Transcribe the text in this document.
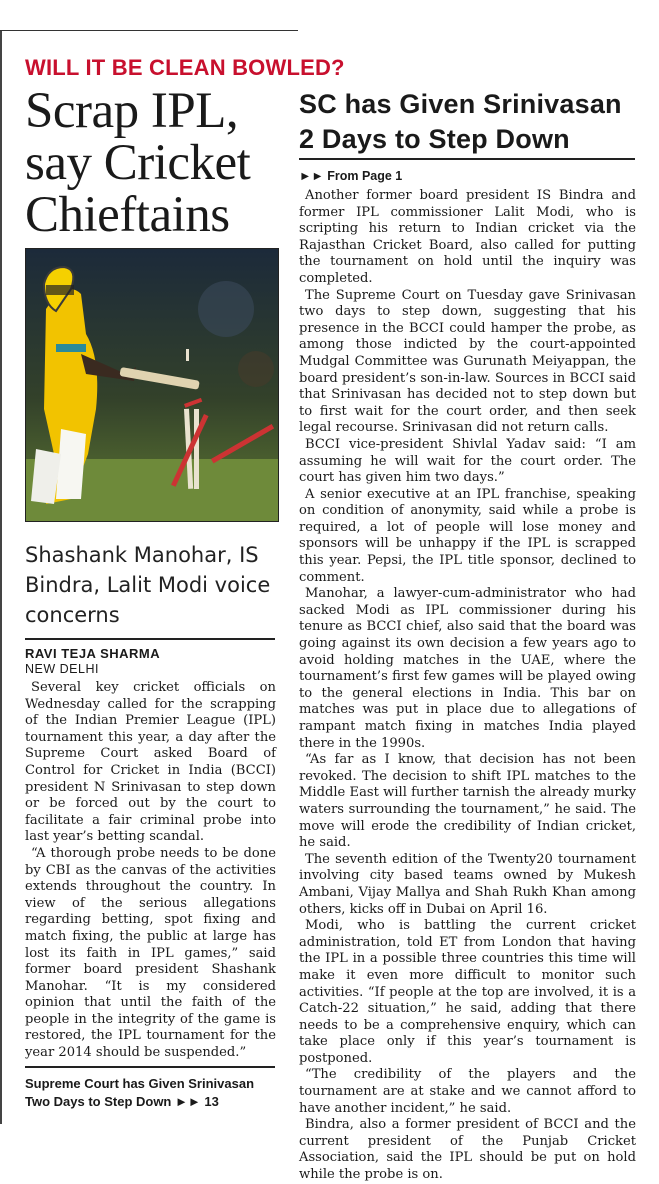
WILL IT BE CLEAN BOWLED?
Scrap IPL, say Cricket Chieftains
Shashank Manohar, IS Bindra, Lalit Modi voice concerns
RAVI TEJA SHARMA
NEW DELHI

Several key cricket officials on Wednesday called for the scrapping of the Indian Premier League (IPL) tournament this year, a day after the Supreme Court asked Board of Control for Cricket in India (BCCI) president N Srinivasan to step down or be forced out by the court to facilitate a fair criminal probe into last year’s betting scandal.

“A thorough probe needs to be done by CBI as the canvas of the activities extends throughout the country. In view of the serious allegations regarding betting, spot fixing and match fixing, the public at large has lost its faith in IPL games,” said former board president Shashank Manohar. “It is my considered opinion that until the faith of the people in the integrity of the game is restored, the IPL tournament for the year 2014 should be suspended.”

Supreme Court has Given Srinivasan Two Days to Step Down ►► 13
SC has Given Srinivasan 2 Days to Step Down
►► From Page 1

Another former board president IS Bindra and former IPL commissioner Lalit Modi, who is scripting his return to Indian cricket via the Rajasthan Cricket Board, also called for putting the tournament on hold until the inquiry was completed.

The Supreme Court on Tuesday gave Srinivasan two days to step down, suggesting that his presence in the BCCI could hamper the probe, as among those indicted by the court-appointed Mudgal Committee was Gurunath Meiyappan, the board president’s son-in-law. Sources in BCCI said that Srinivasan has decided not to step down but to first wait for the court order, and then seek legal recourse. Srinivasan did not return calls.

BCCI vice-president Shivlal Yadav said: “I am assuming he will wait for the court order. The court has given him two days.”

A senior executive at an IPL franchise, speaking on condition of anonymity, said while a probe is required, a lot of people will lose money and sponsors will be unhappy if the IPL is scrapped this year. Pepsi, the IPL title sponsor, declined to comment.

Manohar, a lawyer-cum-administrator who had sacked Modi as IPL commissioner during his tenure as BCCI chief, also said that the board was going against its own decision a few years ago to avoid holding matches in the UAE, where the tournament’s first few games will be played owing to the general elections in India. This bar on matches was put in place due to allegations of rampant match fixing in matches India played there in the 1990s.

“As far as I know, that decision has not been revoked. The decision to shift IPL matches to the Middle East will further tarnish the already murky waters surrounding the tournament,” he said. The move will erode the credibility of Indian cricket, he said.

The seventh edition of the Twenty20 tournament involving city based teams owned by Mukesh Ambani, Vijay Mallya and Shah Rukh Khan among others, kicks off in Dubai on April 16.

Modi, who is battling the current cricket administration, told ET from London that having the IPL in a possible three countries this time will make it even more difficult to monitor such activities. “If people at the top are involved, it is a Catch-22 situation,” he said, adding that there needs to be a comprehensive enquiry, which can take place only if this year’s tournament is postponed.

“The credibility of the players and the tournament are at stake and we cannot afford to have another incident,” he said.

Bindra, also a former president of BCCI and the current president of the Punjab Cricket Association, said the IPL should be put on hold while the probe is on.
